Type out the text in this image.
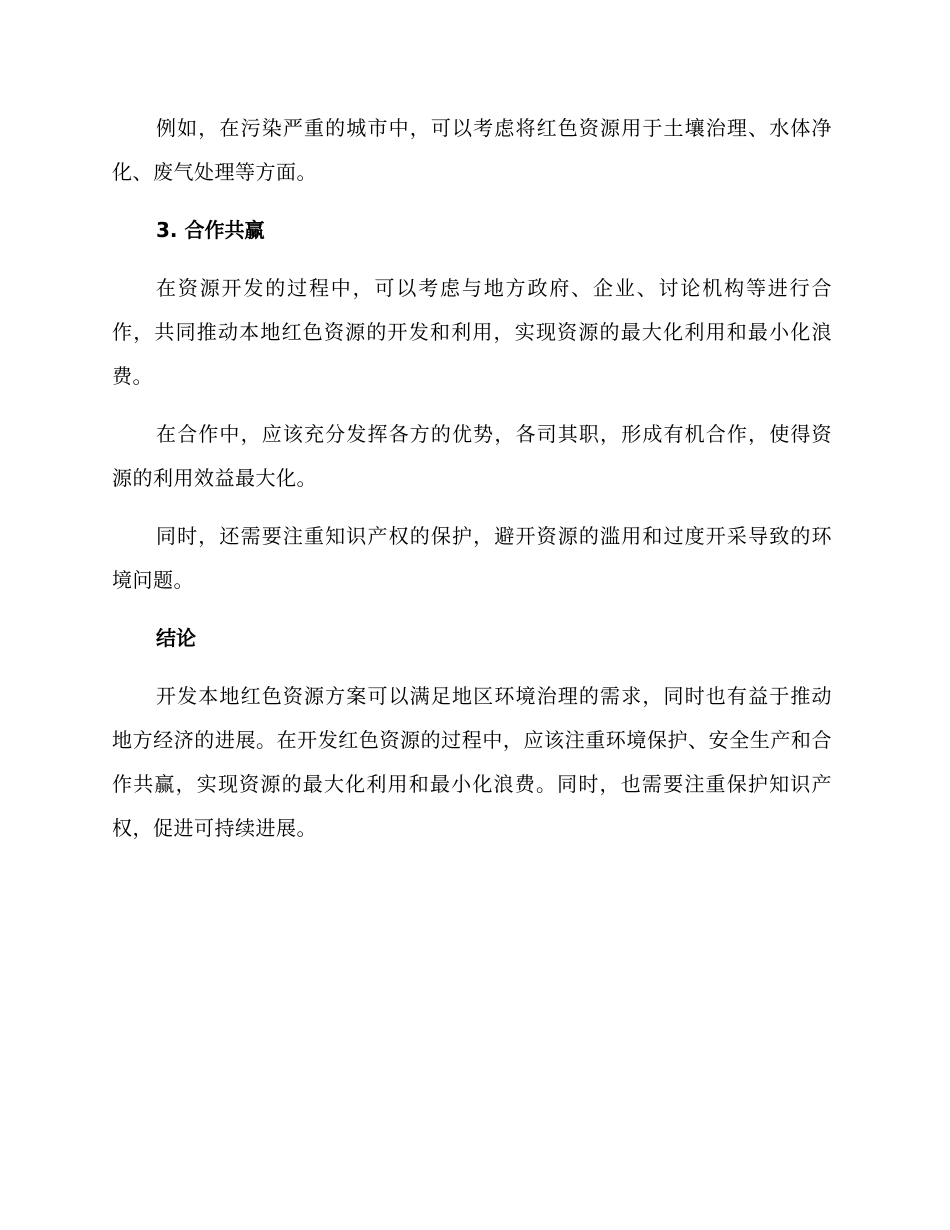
例如，在污染严重的城市中，可以考虑将红色资源用于土壤治理、水体净化、废气处理等方面。

3. 合作共赢

在资源开发的过程中，可以考虑与地方政府、企业、讨论机构等进行合作，共同推动本地红色资源的开发和利用，实现资源的最大化利用和最小化浪费。

在合作中，应该充分发挥各方的优势，各司其职，形成有机合作，使得资源的利用效益最大化。

同时，还需要注重知识产权的保护，避开资源的滥用和过度开采导致的环境问题。

结论

开发本地红色资源方案可以满足地区环境治理的需求，同时也有益于推动地方经济的进展。在开发红色资源的过程中，应该注重环境保护、安全生产和合作共赢，实现资源的最大化利用和最小化浪费。同时，也需要注重保护知识产权，促进可持续进展。
